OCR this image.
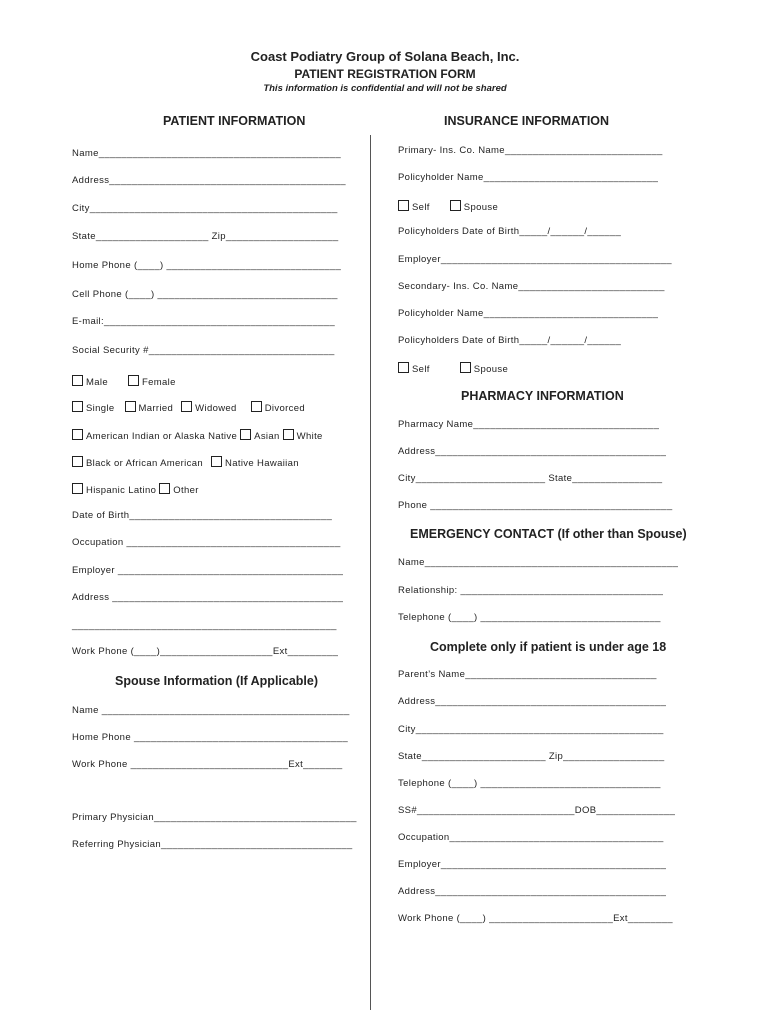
Coast Podiatry Group of Solana Beach, Inc.
PATIENT REGISTRATION FORM
This information is confidential and will not be shared
PATIENT INFORMATION
Name___________________________________________
Address__________________________________________
City____________________________________________
State____________________ Zip____________________
Home Phone (____) _______________________________
Cell Phone (____) ________________________________
E-mail:_________________________________________
Social Security #_________________________________
Male	Female
Single	Married Widowed	Divorced
American Indian or Alaska Native Asian White
Black or African American Native Hawaiian
Hispanic Latino Other
Date of Birth____________________________________
Occupation ______________________________________
Employer ________________________________________
Address _________________________________________
_______________________________________________
Work Phone (____)____________________Ext_________
Spouse Information (If Applicable)
Name ____________________________________________
Home Phone ______________________________________
Work Phone ____________________________Ext_______
Primary Physician____________________________________
Referring Physician__________________________________
INSURANCE INFORMATION
Primary- Ins. Co. Name____________________________
Policyholder Name_______________________________
Self	Spouse
Policyholders Date of Birth_____/______/______
Employer_________________________________________
Secondary- Ins. Co. Name__________________________
Policyholder Name_______________________________
Policyholders Date of Birth_____/______/______
Self	Spouse
PHARMACY INFORMATION
Pharmacy Name_________________________________
Address_________________________________________
City_______________________ State________________
Phone ___________________________________________
EMERGENCY CONTACT (If other than Spouse)
Name_____________________________________________
Relationship: ____________________________________
Telephone (____) ________________________________
Complete only if patient is under age 18
Parent’s Name__________________________________
Address_________________________________________
City____________________________________________
State______________________ Zip__________________
Telephone (____) ________________________________
SS#____________________________DOB______________
Occupation______________________________________
Employer________________________________________
Address_________________________________________
Work Phone (____) ______________________Ext________
